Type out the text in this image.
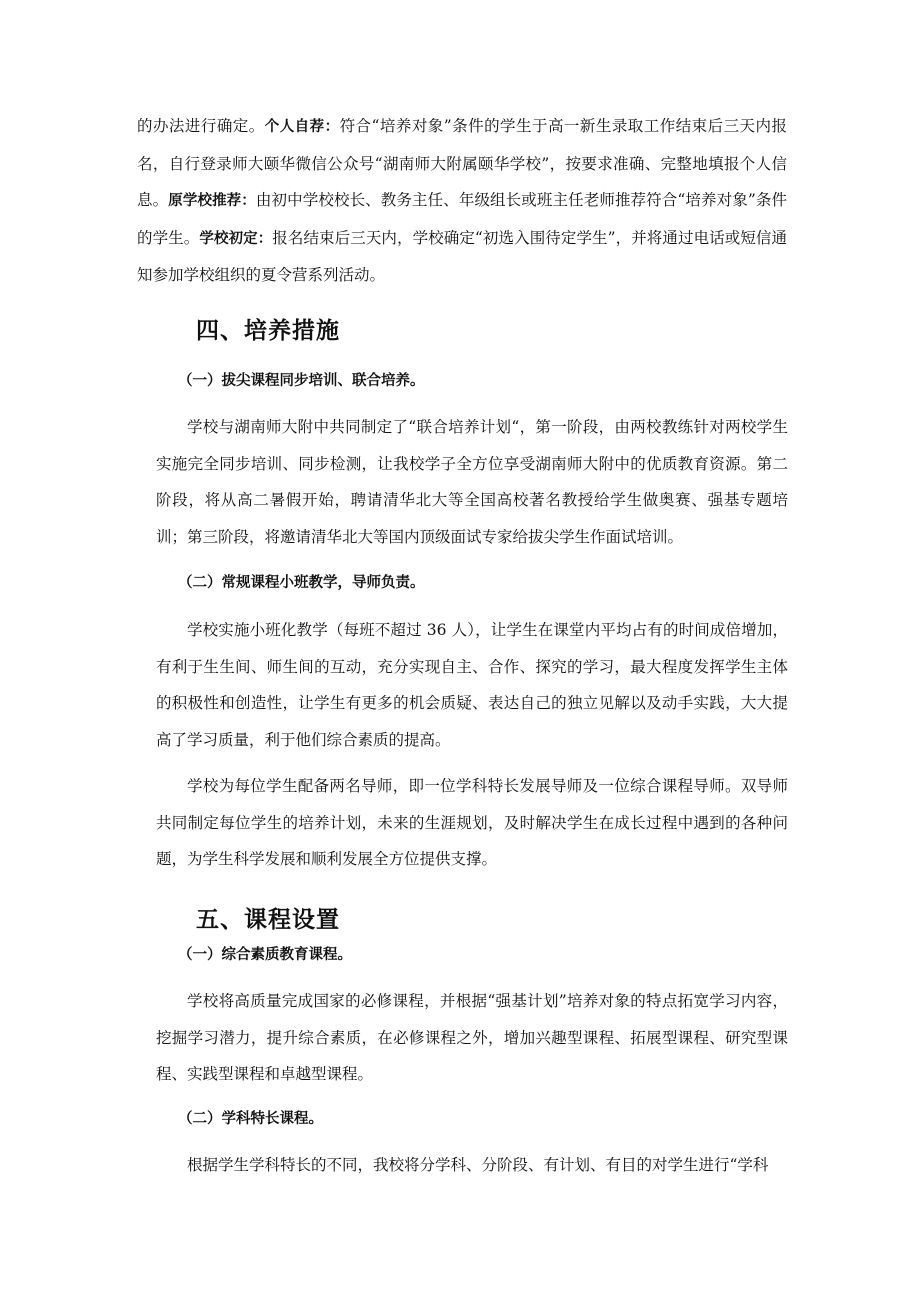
的办法进行确定。个人自荐：符合“培养对象”条件的学生于高一新生录取工作结束后三天内报名，自行登录师大颐华微信公众号“湖南师大附属颐华学校”，按要求准确、完整地填报个人信息。原学校推荐：由初中学校校长、教务主任、年级组长或班主任老师推荐符合“培养对象”条件的学生。学校初定：报名结束后三天内，学校确定“初选入围待定学生”，并将通过电话或短信通知参加学校组织的夏令营系列活动。

四、培养措施
（一）拔尖课程同步培训、联合培养。

学校与湖南师大附中共同制定了“联合培养计划“，第一阶段，由两校教练针对两校学生实施完全同步培训、同步检测，让我校学子全方位享受湖南师大附中的优质教育资源。第二阶段，将从高二暑假开始，聘请清华北大等全国高校著名教授给学生做奥赛、强基专题培训；第三阶段，将邀请清华北大等国内顶级面试专家给拔尖学生作面试培训。

（二）常规课程小班教学，导师负责。

学校实施小班化教学（每班不超过 36 人），让学生在课堂内平均占有的时间成倍增加，有利于生生间、师生间的互动，充分实现自主、合作、探究的学习，最大程度发挥学生主体的积极性和创造性，让学生有更多的机会质疑、表达自己的独立见解以及动手实践，大大提高了学习质量，利于他们综合素质的提高。

学校为每位学生配备两名导师，即一位学科特长发展导师及一位综合课程导师。双导师共同制定每位学生的培养计划，未来的生涯规划，及时解决学生在成长过程中遇到的各种问题，为学生科学发展和顺利发展全方位提供支撑。

五、课程设置
（一）综合素质教育课程。

学校将高质量完成国家的必修课程，并根据“强基计划”培养对象的特点拓宽学习内容，挖掘学习潜力，提升综合素质，在必修课程之外，增加兴趣型课程、拓展型课程、研究型课程、实践型课程和卓越型课程。

（二）学科特长课程。

根据学生学科特长的不同，我校将分学科、分阶段、有计划、有目的对学生进行“学科
